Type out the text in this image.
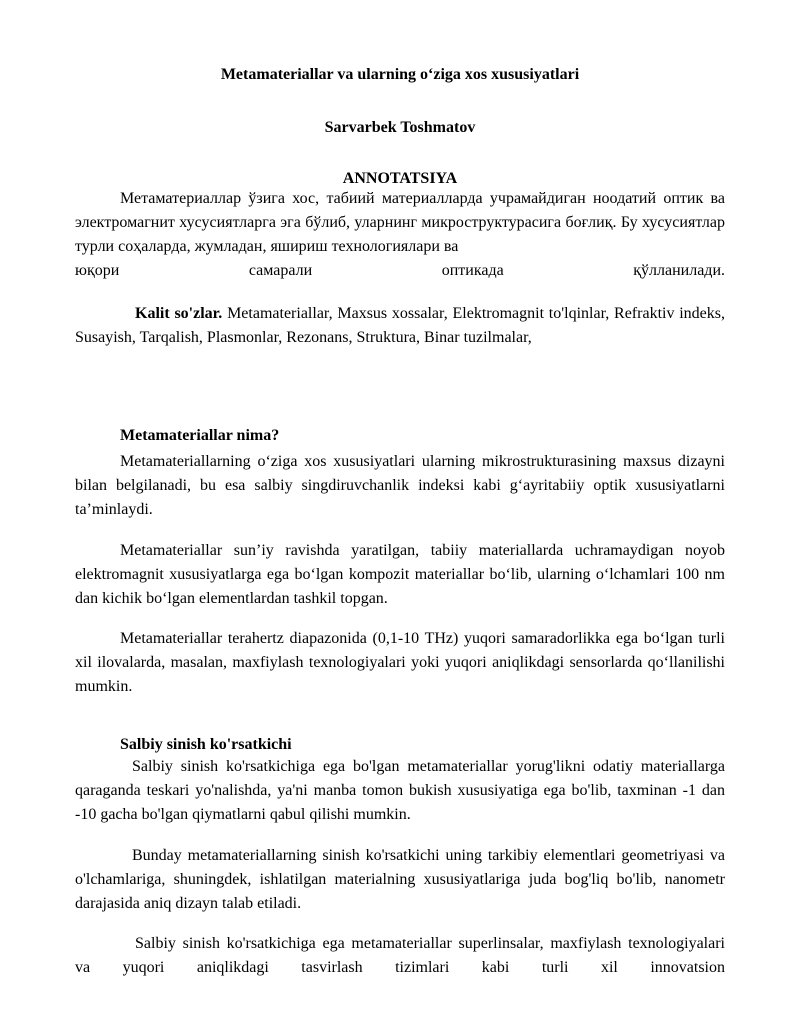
Metamateriallar va ularning o‘ziga xos xususiyatlari
Sarvarbek Toshmatov
ANNOTATSIYA

Метаматериаллар ўзига хос, табиий материалларда учрамайдиган ноодатий оптик ва электромагнит хусусиятларга эга бўлиб, уларнинг микроструктурасига боғлиқ. Бу хусусиятлар турли соҳаларда, жумладан, яшириш технологиялари ва

юқори самарали оптикада қўлланилади.

Kalit so'zlar. Metamateriallar, Maxsus xossalar, Elektromagnit to'lqinlar, Refraktiv indeks, Susayish, Tarqalish, Plasmonlar, Rezonans, Struktura, Binar tuzilmalar,

Metamateriallar nima?

Metamateriallarning o‘ziga xos xususiyatlari ularning mikrostrukturasining maxsus dizayni bilan belgilanadi, bu esa salbiy singdiruvchanlik indeksi kabi g‘ayritabiiy optik xususiyatlarni ta’minlaydi.

Metamateriallar sun’iy ravishda yaratilgan, tabiiy materiallarda uchramaydigan noyob elektromagnit xususiyatlarga ega bo‘lgan kompozit materiallar bo‘lib, ularning o‘lchamlari 100 nm dan kichik bo‘lgan elementlardan tashkil topgan.

Metamateriallar terahertz diapazonida (0,1-10 THz) yuqori samaradorlikka ega bo‘lgan turli xil ilovalarda, masalan, maxfiylash texnologiyalari yoki yuqori aniqlikdagi sensorlarda qo‘llanilishi mumkin.

Salbiy sinish ko'rsatkichi

Salbiy sinish ko'rsatkichiga ega bo'lgan metamateriallar yorug'likni odatiy materiallarga qaraganda teskari yo'nalishda, ya'ni manba tomon bukish xususiyatiga ega bo'lib, taxminan -1 dan -10 gacha bo'lgan qiymatlarni qabul qilishi mumkin.

Bunday metamateriallarning sinish ko'rsatkichi uning tarkibiy elementlari geometriyasi va o'lchamlariga, shuningdek, ishlatilgan materialning xususiyatlariga juda bog'liq bo'lib, nanometr darajasida aniq dizayn talab etiladi.

Salbiy sinish ko'rsatkichiga ega metamateriallar superlinsalar, maxfiylash texnologiyalari va yuqori aniqlikdagi tasvirlash tizimlari kabi turli xil innovatsion
